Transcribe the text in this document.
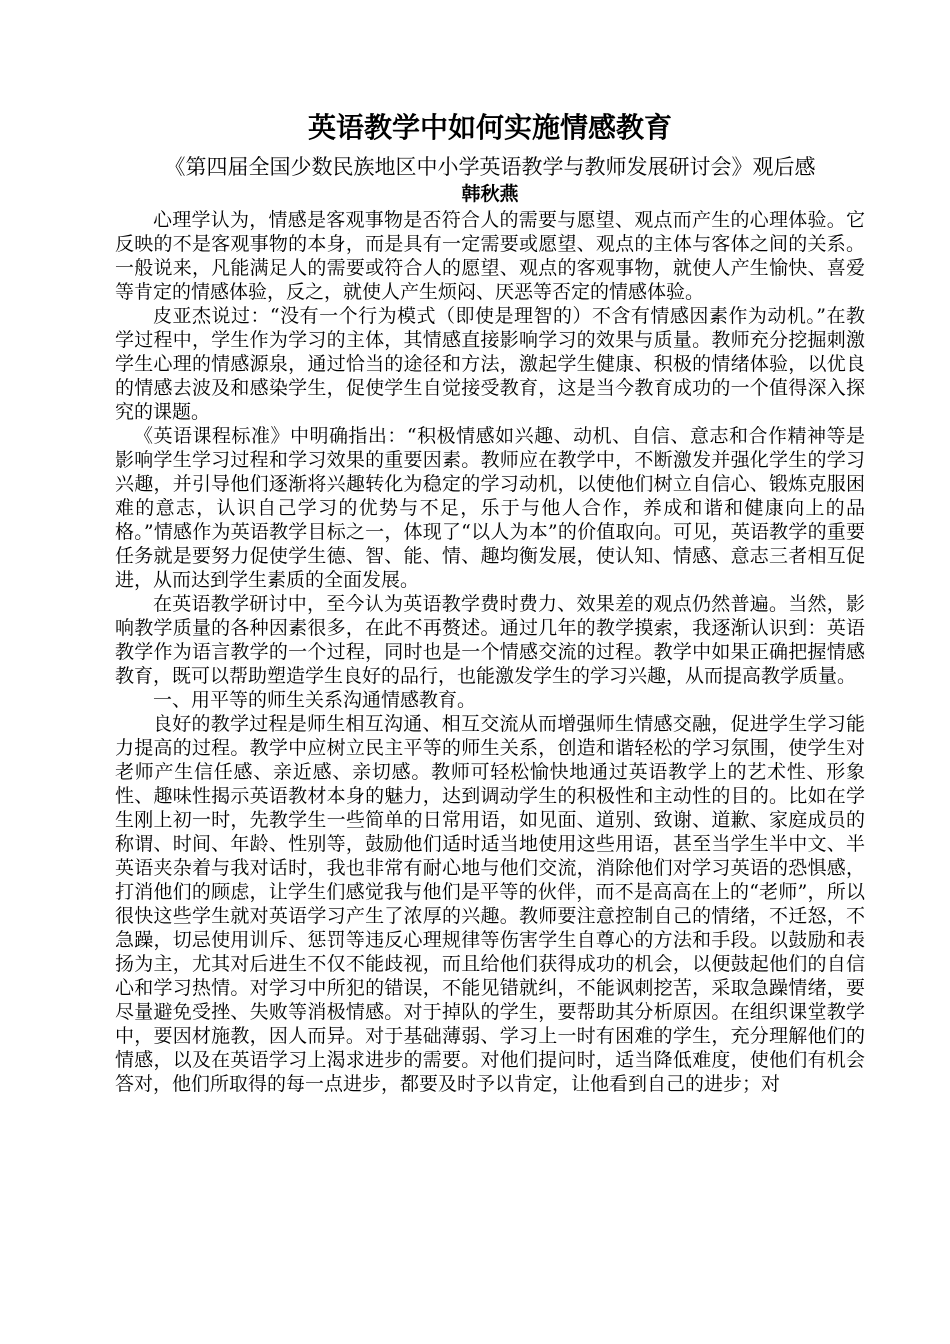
英语教学中如何实施情感教育
《第四届全国少数民族地区中小学英语教学与教师发展研讨会》观后感
韩秋燕

心理学认为，情感是客观事物是否符合人的需要与愿望、观点而产生的心理体验。它反映的不是客观事物的本身，而是具有一定需要或愿望、观点的主体与客体之间的关系。一般说来，凡能满足人的需要或符合人的愿望、观点的客观事物，就使人产生愉快、喜爱等肯定的情感体验，反之，就使人产生烦闷、厌恶等否定的情感体验。

皮亚杰说过：“没有一个行为模式（即使是理智的）不含有情感因素作为动机。”在教学过程中，学生作为学习的主体，其情感直接影响学习的效果与质量。教师充分挖掘刺激学生心理的情感源泉，通过恰当的途径和方法，激起学生健康、积极的情绪体验，以优良的情感去波及和感染学生，促使学生自觉接受教育，这是当今教育成功的一个值得深入探究的课题。

《英语课程标准》中明确指出：“积极情感如兴趣、动机、自信、意志和合作精神等是影响学生学习过程和学习效果的重要因素。教师应在教学中，不断激发并强化学生的学习兴趣，并引导他们逐渐将兴趣转化为稳定的学习动机，以使他们树立自信心、锻炼克服困难的意志，认识自己学习的优势与不足，乐于与他人合作，养成和谐和健康向上的品格。”情感作为英语教学目标之一，体现了“以人为本”的价值取向。可见，英语教学的重要任务就是要努力促使学生德、智、能、情、趣均衡发展，使认知、情感、意志三者相互促进，从而达到学生素质的全面发展。

在英语教学研讨中，至今认为英语教学费时费力、效果差的观点仍然普遍。当然，影响教学质量的各种因素很多，在此不再赘述。通过几年的教学摸索，我逐渐认识到：英语教学作为语言教学的一个过程，同时也是一个情感交流的过程。教学中如果正确把握情感教育，既可以帮助塑造学生良好的品行，也能激发学生的学习兴趣，从而提高教学质量。

一、用平等的师生关系沟通情感教育。

良好的教学过程是师生相互沟通、相互交流从而增强师生情感交融，促进学生学习能力提高的过程。教学中应树立民主平等的师生关系，创造和谐轻松的学习氛围，使学生对老师产生信任感、亲近感、亲切感。教师可轻松愉快地通过英语教学上的艺术性、形象性、趣味性揭示英语教材本身的魅力，达到调动学生的积极性和主动性的目的。比如在学生刚上初一时，先教学生一些简单的日常用语，如见面、道别、致谢、道歉、家庭成员的称谓、时间、年龄、性别等，鼓励他们适时适当地使用这些用语，甚至当学生半中文、半英语夹杂着与我对话时，我也非常有耐心地与他们交流，消除他们对学习英语的恐惧感，打消他们的顾虑，让学生们感觉我与他们是平等的伙伴，而不是高高在上的“老师”，所以很快这些学生就对英语学习产生了浓厚的兴趣。教师要注意控制自己的情绪，不迁怒，不急躁，切忌使用训斥、惩罚等违反心理规律等伤害学生自尊心的方法和手段。以鼓励和表扬为主，尤其对后进生不仅不能歧视，而且给他们获得成功的机会，以便鼓起他们的自信心和学习热情。对学习中所犯的错误，不能见错就纠，不能讽刺挖苦，采取急躁情绪，要尽量避免受挫、失败等消极情感。对于掉队的学生，要帮助其分析原因。在组织课堂教学中，要因材施教，因人而异。对于基础薄弱、学习上一时有困难的学生，充分理解他们的情感，以及在英语学习上渴求进步的需要。对他们提问时，适当降低难度，使他们有机会答对，他们所取得的每一点进步，都要及时予以肯定，让他看到自己的进步；对
